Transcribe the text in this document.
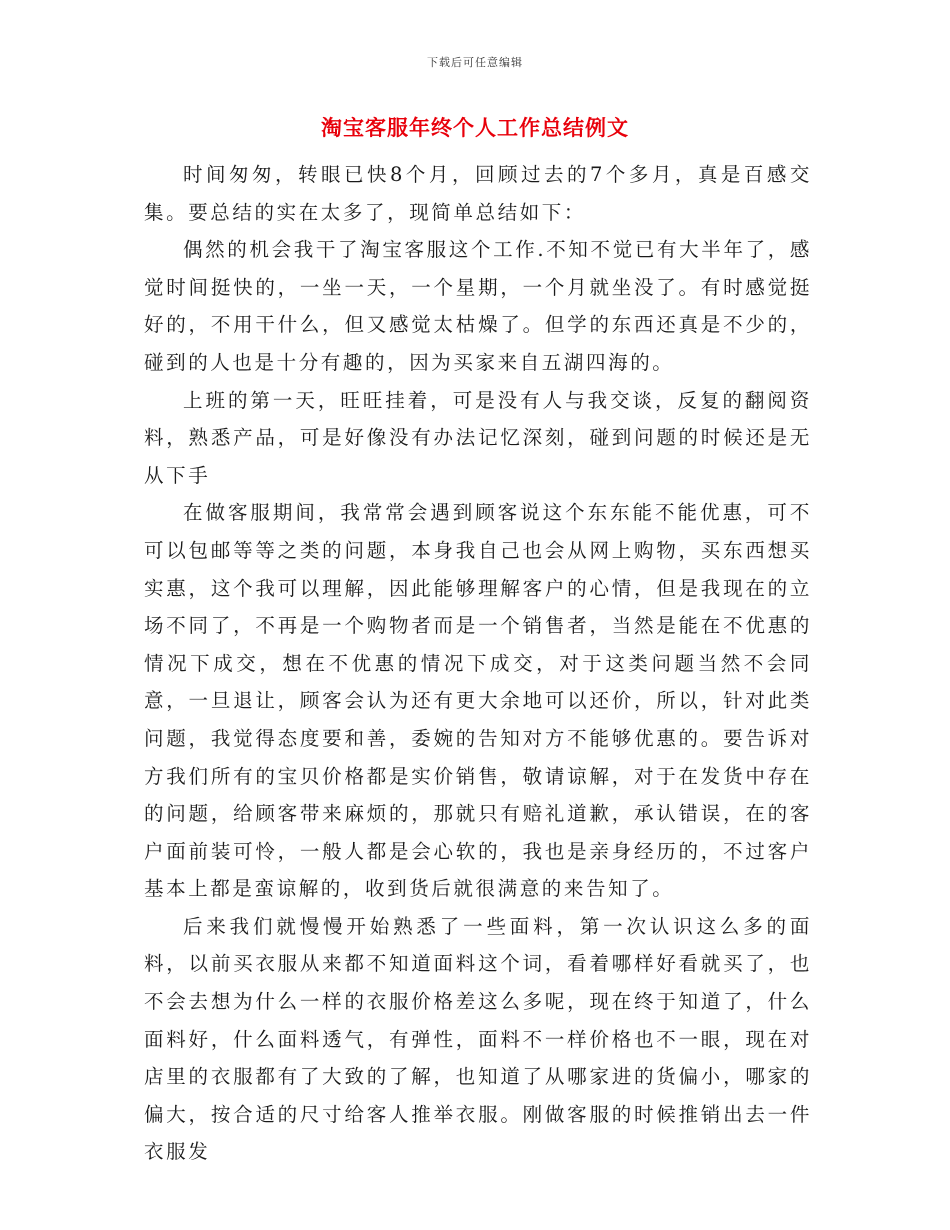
下载后可任意编辑
淘宝客服年终个人工作总结例文

时间匆匆，转眼已快8个月，回顾过去的7个多月，真是百感交集。要总结的实在太多了，现简单总结如下：

偶然的机会我干了淘宝客服这个工作.不知不觉已有大半年了，感觉时间挺快的，一坐一天，一个星期，一个月就坐没了。有时感觉挺好的，不用干什么，但又感觉太枯燥了。但学的东西还真是不少的，碰到的人也是十分有趣的，因为买家来自五湖四海的。

上班的第一天，旺旺挂着，可是没有人与我交谈，反复的翻阅资料，熟悉产品，可是好像没有办法记忆深刻，碰到问题的时候还是无从下手

在做客服期间，我常常会遇到顾客说这个东东能不能优惠，可不可以包邮等等之类的问题，本身我自己也会从网上购物，买东西想买实惠，这个我可以理解，因此能够理解客户的心情，但是我现在的立场不同了，不再是一个购物者而是一个销售者，当然是能在不优惠的情况下成交，想在不优惠的情况下成交，对于这类问题当然不会同意，一旦退让，顾客会认为还有更大余地可以还价，所以，针对此类问题，我觉得态度要和善，委婉的告知对方不能够优惠的。要告诉对方我们所有的宝贝价格都是实价销售，敬请谅解，对于在发货中存在的问题，给顾客带来麻烦的，那就只有赔礼道歉，承认错误，在的客户面前装可怜，一般人都是会心软的，我也是亲身经历的，不过客户基本上都是蛮谅解的，收到货后就很满意的来告知了。

后来我们就慢慢开始熟悉了一些面料，第一次认识这么多的面料，以前买衣服从来都不知道面料这个词，看着哪样好看就买了，也不会去想为什么一样的衣服价格差这么多呢，现在终于知道了，什么面料好，什么面料透气，有弹性，面料不一样价格也不一眼，现在对店里的衣服都有了大致的了解，也知道了从哪家进的货偏小，哪家的偏大，按合适的尺寸给客人推举衣服。刚做客服的时候推销出去一件衣服发
